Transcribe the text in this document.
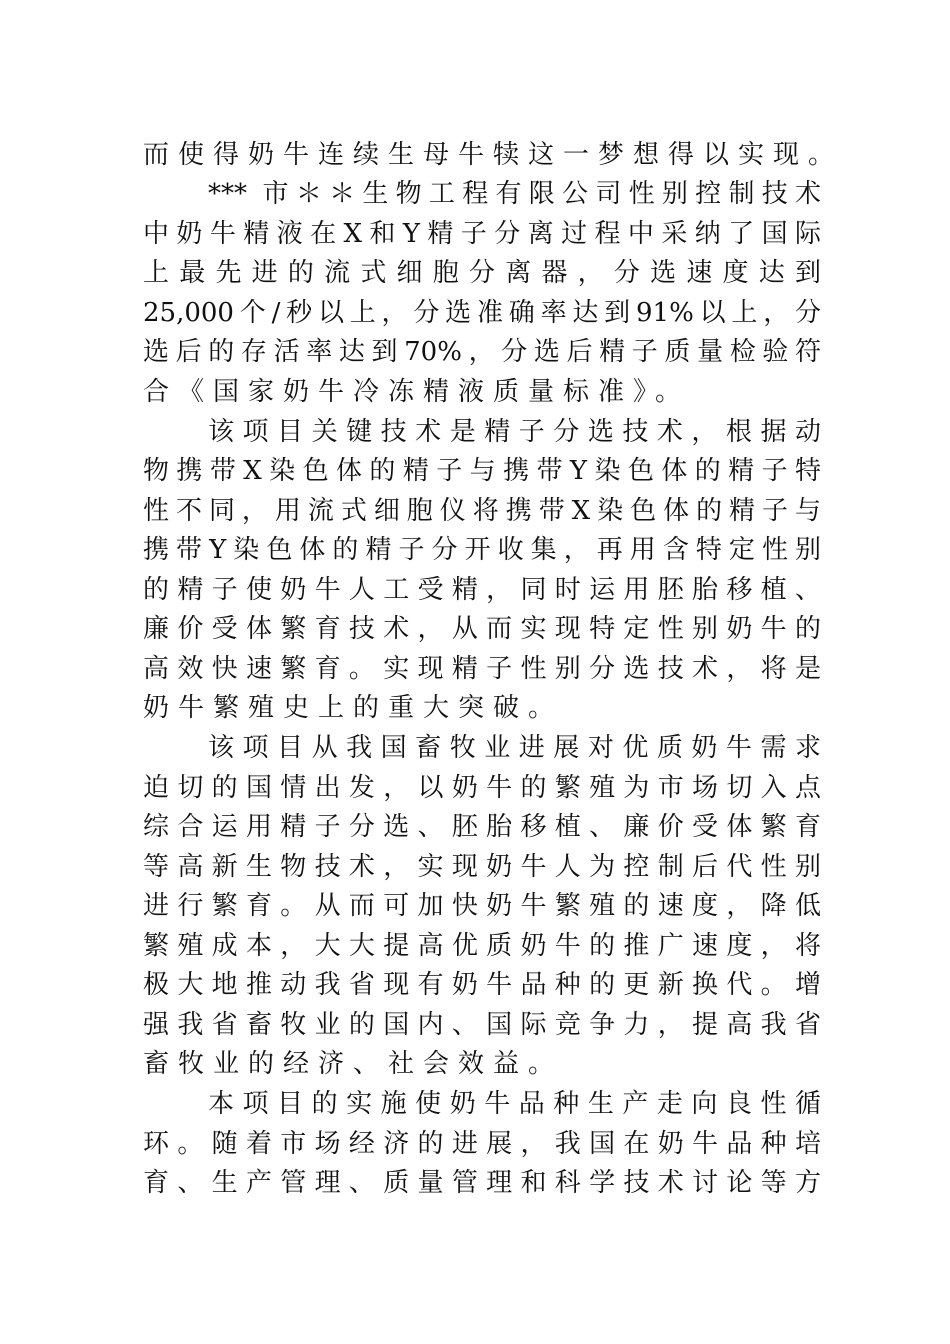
而使得奶牛连续生母牛犊这一梦想得以实现。
*** 市＊＊生物工程有限公司性别控制技术
中奶牛精液在X和Y精子分离过程中采纳了国际
上最先进的流式细胞分离器，分选速度达到
25,000个/秒以上，分选准确率达到91%以上，分
选后的存活率达到70%，分选后精子质量检验符
合《国家奶牛冷冻精液质量标准》。
该项目关键技术是精子分选技术，根据动
物携带X染色体的精子与携带Y染色体的精子特
性不同，用流式细胞仪将携带X染色体的精子与
携带Y染色体的精子分开收集，再用含特定性别
的精子使奶牛人工受精，同时运用胚胎移植、
廉价受体繁育技术，从而实现特定性别奶牛的
高效快速繁育。实现精子性别分选技术，将是
奶牛繁殖史上的重大突破。
该项目从我国畜牧业进展对优质奶牛需求
迫切的国情出发，以奶牛的繁殖为市场切入点
综合运用精子分选、胚胎移植、廉价受体繁育
等高新生物技术，实现奶牛人为控制后代性别
进行繁育。从而可加快奶牛繁殖的速度，降低
繁殖成本，大大提高优质奶牛的推广速度，将
极大地推动我省现有奶牛品种的更新换代。增
强我省畜牧业的国内、国际竞争力，提高我省
畜牧业的经济、社会效益。
本项目的实施使奶牛品种生产走向良性循
环。随着市场经济的进展，我国在奶牛品种培
育、生产管理、质量管理和科学技术讨论等方
